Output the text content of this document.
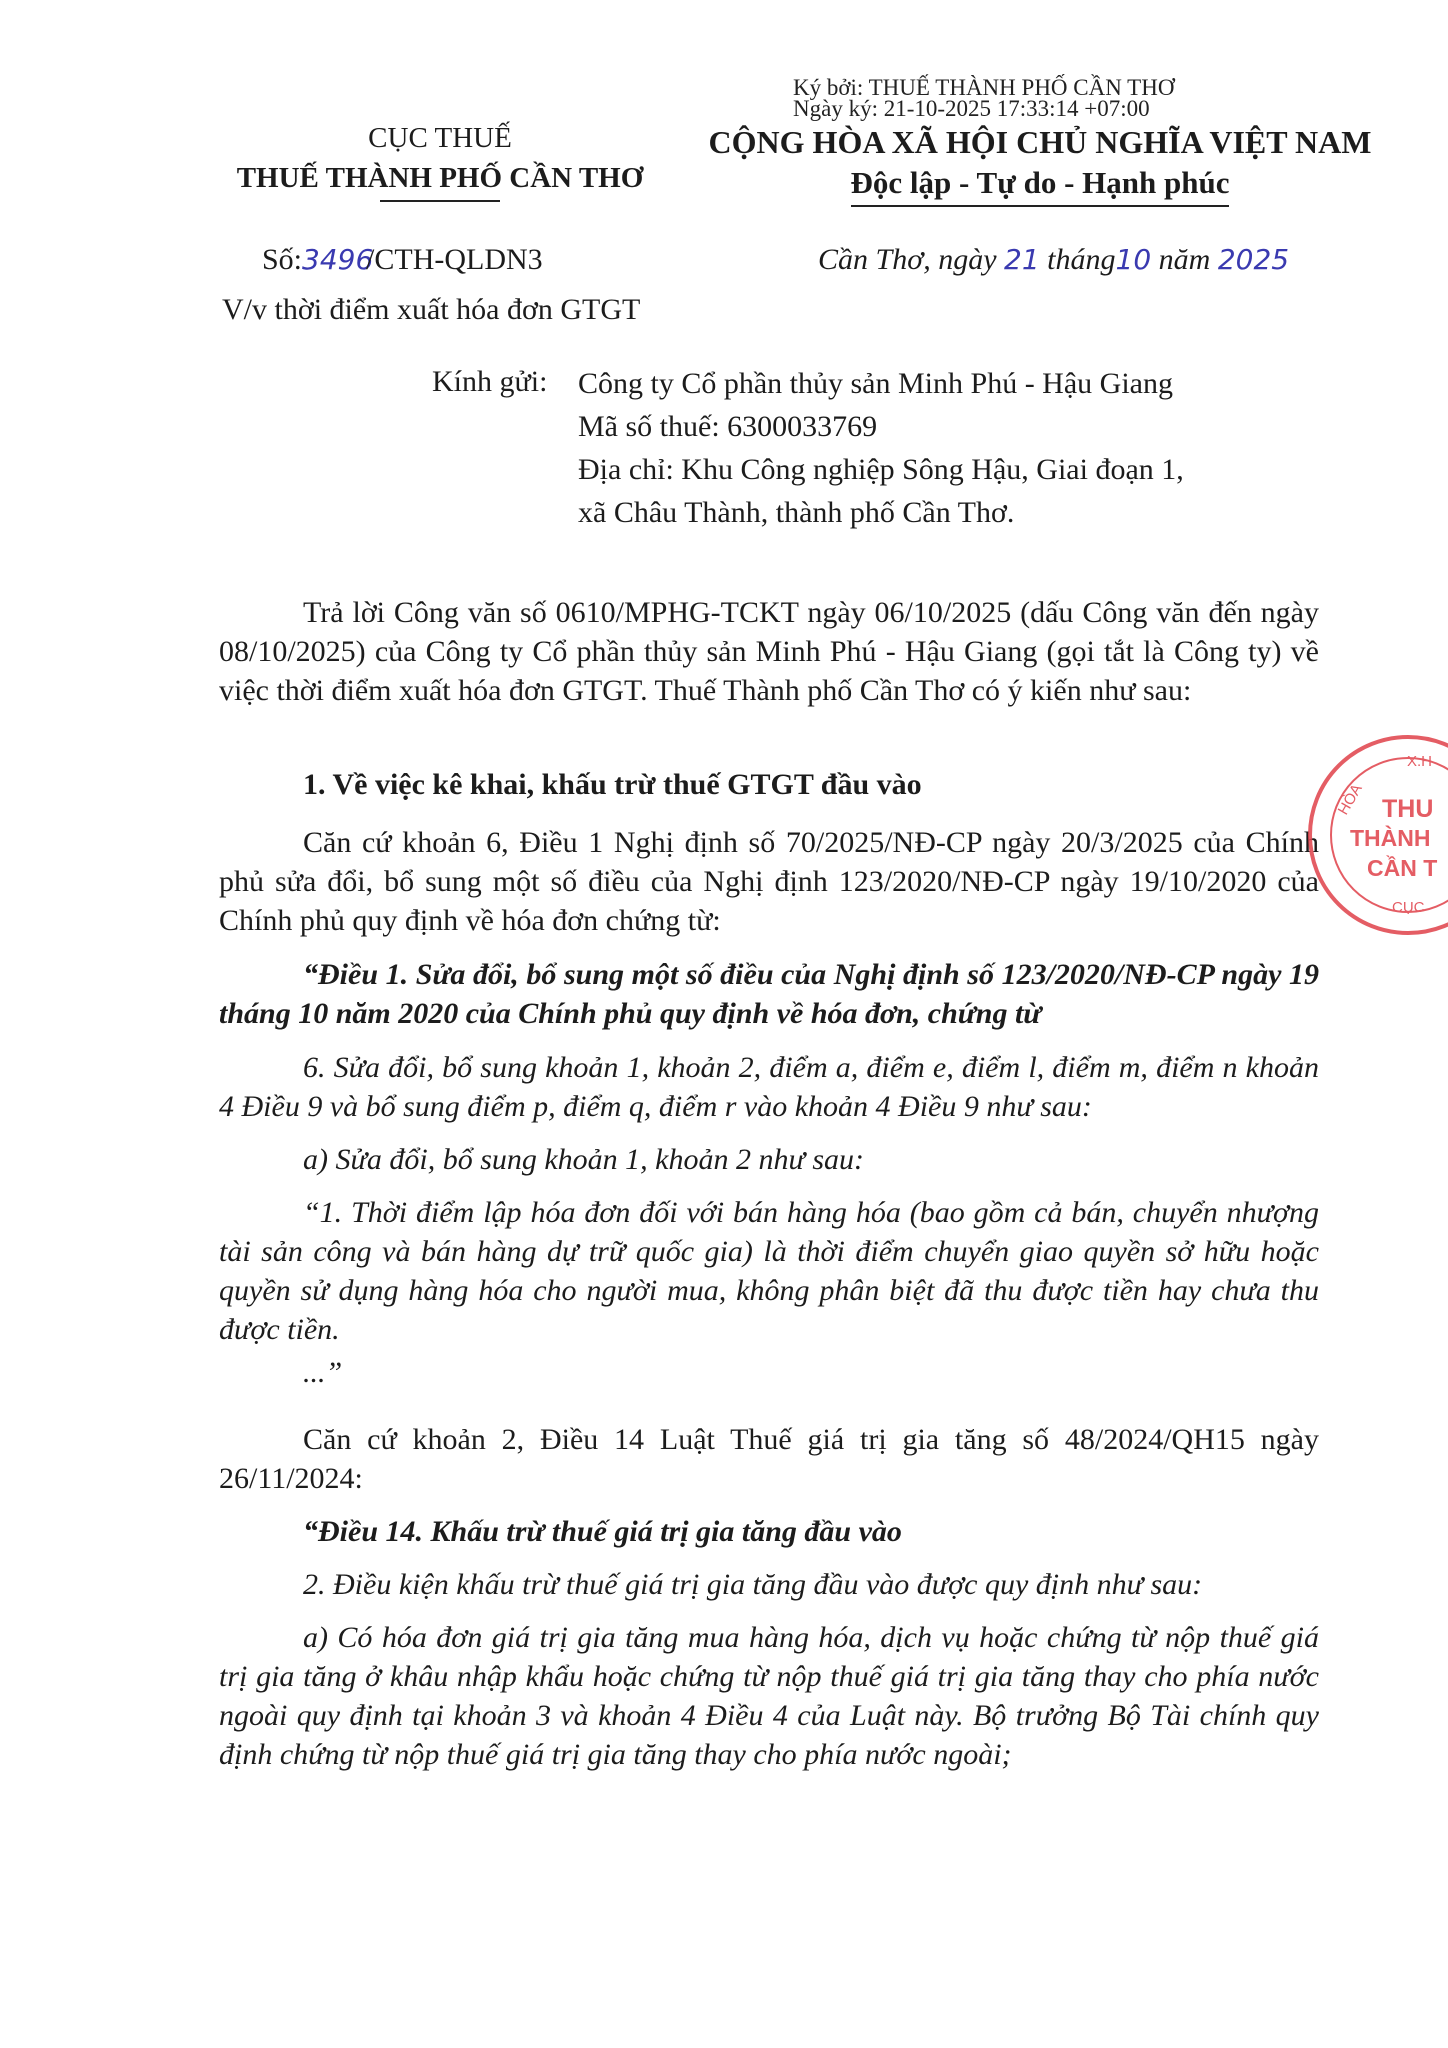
Ký bởi: THUẾ THÀNH PHỐ CẦN THƠ
Ngày ký: 21-10-2025 17:33:14 +07:00
CỤC THUẾ
THUẾ THÀNH PHỐ CẦN THƠ
CỘNG HÒA XÃ HỘI CHỦ NGHĨA VIỆT NAM
Độc lập - Tự do - Hạnh phúc
Số:3496/CTH-QLDN3	Cần Thơ, ngày 21 tháng10 năm 2025
V/v thời điểm xuất hóa đơn GTGT
Kính gửi: Công ty Cổ phần thủy sản Minh Phú - Hậu Giang
Mã số thuế: 6300033769
Địa chỉ: Khu Công nghiệp Sông Hậu, Giai đoạn 1,
xã Châu Thành, thành phố Cần Thơ.
Trả lời Công văn số 0610/MPHG-TCKT ngày 06/10/2025 (dấu Công văn đến ngày 08/10/2025) của Công ty Cổ phần thủy sản Minh Phú - Hậu Giang (gọi tắt là Công ty) về việc thời điểm xuất hóa đơn GTGT. Thuế Thành phố Cần Thơ có ý kiến như sau:
1. Về việc kê khai, khấu trừ thuế GTGT đầu vào
Căn cứ khoản 6, Điều 1 Nghị định số 70/2025/NĐ-CP ngày 20/3/2025 của Chính phủ sửa đổi, bổ sung một số điều của Nghị định 123/2020/NĐ-CP ngày 19/10/2020 của Chính phủ quy định về hóa đơn chứng từ:
“Điều 1. Sửa đổi, bổ sung một số điều của Nghị định số 123/2020/NĐ-CP ngày 19 tháng 10 năm 2020 của Chính phủ quy định về hóa đơn, chứng từ
6. Sửa đổi, bổ sung khoản 1, khoản 2, điểm a, điểm e, điểm l, điểm m, điểm n khoản 4 Điều 9 và bổ sung điểm p, điểm q, điểm r vào khoản 4 Điều 9 như sau:
a) Sửa đổi, bổ sung khoản 1, khoản 2 như sau:
“1. Thời điểm lập hóa đơn đối với bán hàng hóa (bao gồm cả bán, chuyển nhượng tài sản công và bán hàng dự trữ quốc gia) là thời điểm chuyển giao quyền sở hữu hoặc quyền sử dụng hàng hóa cho người mua, không phân biệt đã thu được tiền hay chưa thu được tiền.
...”
Căn cứ khoản 2, Điều 14 Luật Thuế giá trị gia tăng số 48/2024/QH15 ngày 26/11/2024:
“Điều 14. Khấu trừ thuế giá trị gia tăng đầu vào
2. Điều kiện khấu trừ thuế giá trị gia tăng đầu vào được quy định như sau:
a) Có hóa đơn giá trị gia tăng mua hàng hóa, dịch vụ hoặc chứng từ nộp thuế giá trị gia tăng ở khâu nhập khẩu hoặc chứng từ nộp thuế giá trị gia tăng thay cho phía nước ngoài quy định tại khoản 3 và khoản 4 Điều 4 của Luật này. Bộ trưởng Bộ Tài chính quy định chứng từ nộp thuế giá trị gia tăng thay cho phía nước ngoài;
X.H
HÒA THU
THÀNH
CẦN T
CỤC
